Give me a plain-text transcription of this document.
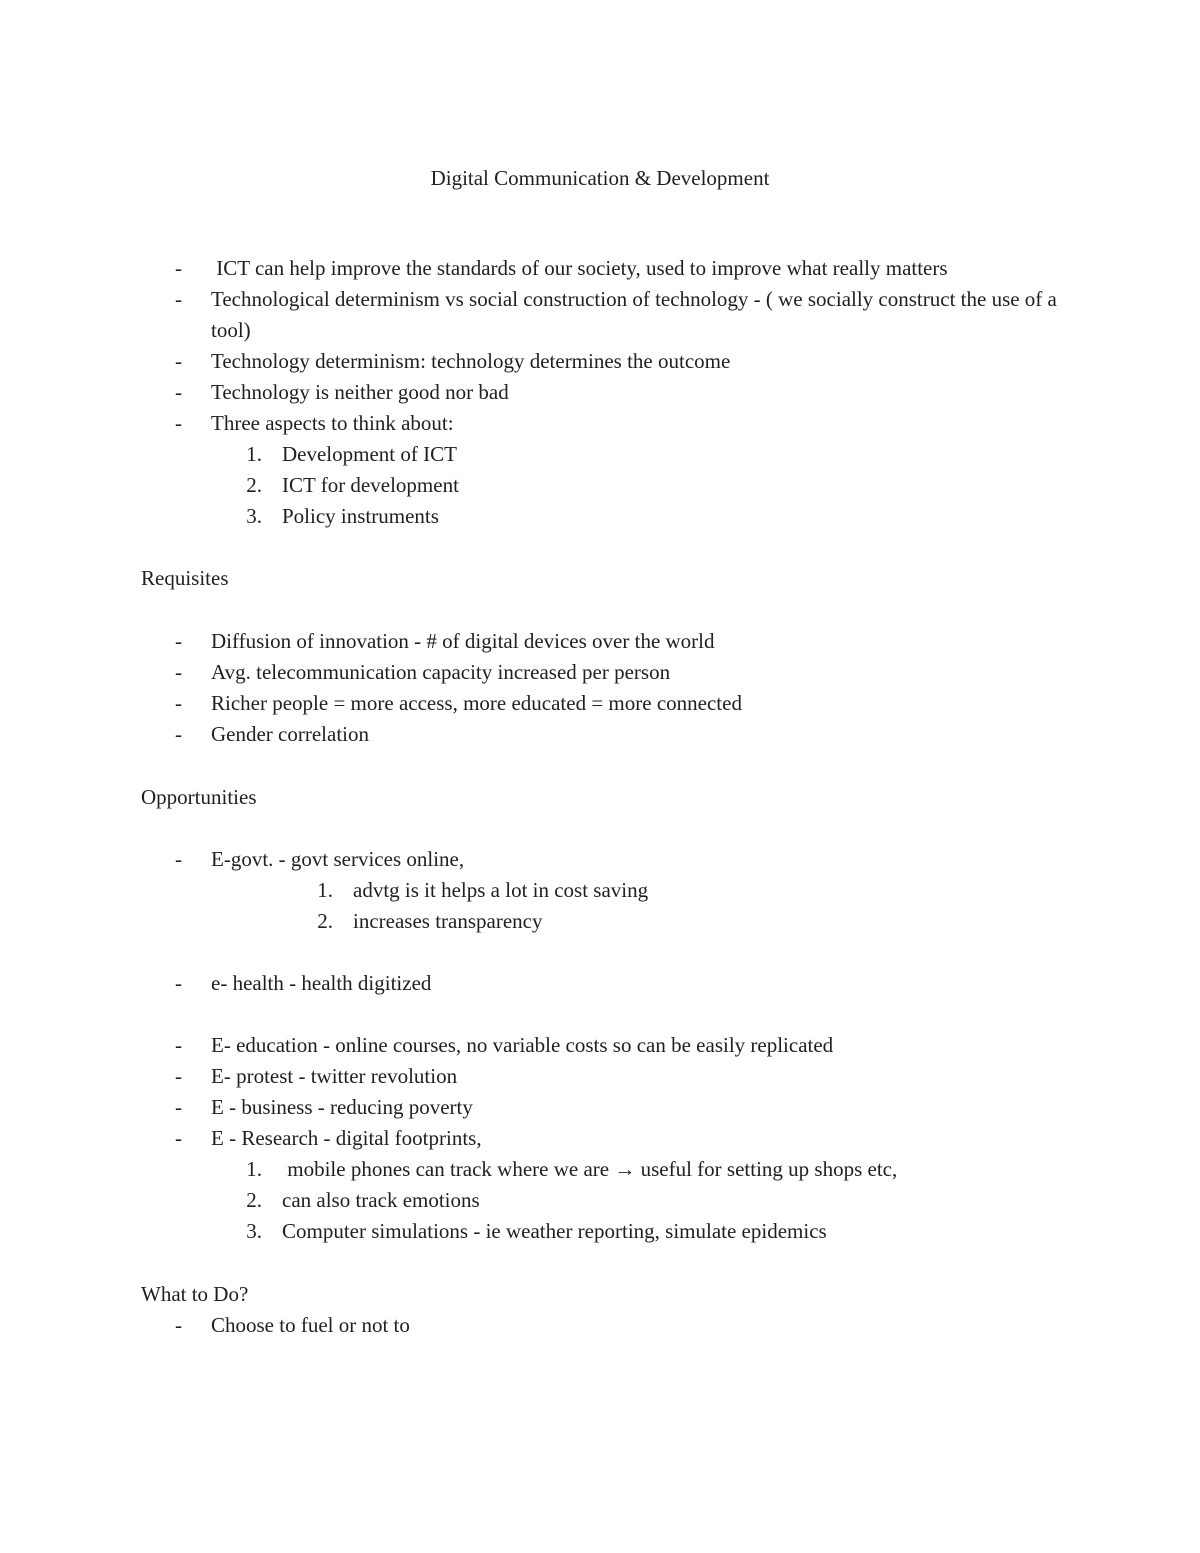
Digital Communication & Development
- ICT can help improve the standards of our society, used to improve what really matters
- Technological determinism vs social construction of technology - ( we socially construct the use of a tool)
- Technology determinism: technology determines the outcome
- Technology is neither good nor bad
- Three aspects to think about:
1. Development of ICT
2. ICT for development
3. Policy instruments
Requisites
- Diffusion of innovation - # of digital devices over the world
- Avg. telecommunication capacity increased per person
- Richer people = more access, more educated = more connected
- Gender correlation
Opportunities
- E-govt. - govt services online,
1. advtg is it helps a lot in cost saving
2. increases transparency
- e- health - health digitized
- E- education - online courses, no variable costs so can be easily replicated
- E- protest - twitter revolution
- E - business - reducing poverty
- E - Research - digital footprints,
1. mobile phones can track where we are → useful for setting up shops etc,
2. can also track emotions
3. Computer simulations - ie weather reporting, simulate epidemics
What to Do?
- Choose to fuel or not to
